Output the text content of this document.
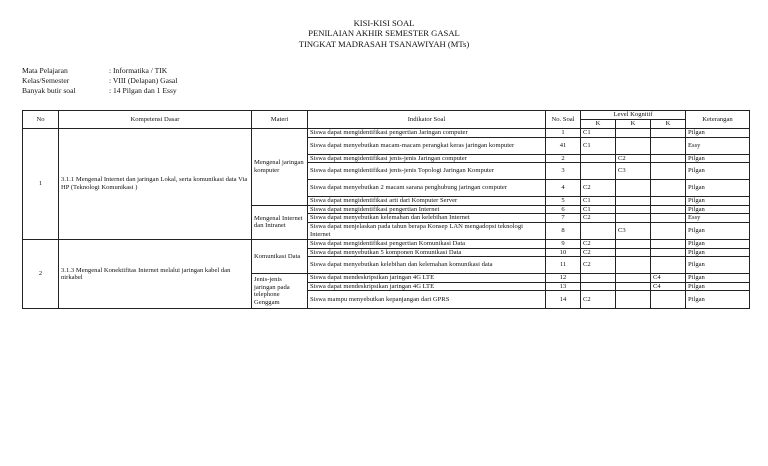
KISI-KISI SOAL
PENILAIAN AKHIR SEMESTER GASAL
TINGKAT MADRASAH TSANAWIYAH (MTs)
Mata Pelajaran	: Informatika / TIK
Kelas/Semester	: VIII (Delapan) Gasal
Banyak butir soal	: 14 Pilgan dan 1 Essy
No	Kompetensi Dasar	Materi	Indikator Soal	No. Soal	Level Kognitif			Keterangan
					K	K	K	
1	3.1.1 Mengenal Internet dan jaringan Lokal, serta komunikasi data Via HP (Teknologi Komunikasi )	Mengenal jaringan komputer	Siswa dapat mengidentifikasi pengertian Jaringan computer	1	C1			Pilgan
			Siswa dapat menyebutkan macam-macam perangkat keras jaringan komputer	41	C1			Essy
			Siswa dapat mengidentifikasi jenis-jenis Jaringan computer	2		C2		Pilgan
			Siswa dapat mengidentifikasi jenis-jenis Topologi Jaringan Komputer	3		C3		Pilgan
			Siswa dapat menyebutkan 2 macam sarana penghubung jaringan computer	4	C2			Pilgan
			Siswa dapat mengidentifikasi arti dari Komputer Server	5	C1			Pilgan
		Mengenal Internet dan Intranet	Siswa dapat mengidentifikasi pengertian Internet	6	C1			Pilgan
			Siswa dapat menyebutkan kelemahan dan kelebihan Internet	7	C2			Essy
			Siswa dapat menjelaskan pada tahun berapa Konsep LAN mengadopsi teknologi Internet	8		C3		Pilgan
2	3.1.3 Mengenal Konektifitas Internet melalui jaringan kabel dan nirkabel	Komunikasi Data	Siswa dapat mengidentifikasi pengertian Komunikasi Data	9	C2			Pilgan
			Siswa dapat menyebutkan 5 komponen Komunikasi Data	10	C2			Pilgan
			Siswa dapat menyebutkan kelebihan dan kelemahan komunikasi data	11	C2			Pilgan
		Jenis-jenis jaringan pada telephone Genggam	Siswa dapat mendeskripsikan jaringan 4G LTE	12			C4	Pilgan
			Siswa dapat mendeskripsikan jaringan 4G LTE	13			C4	Pilgan
			Siswa mampu menyebutkan kepanjangan dari GPRS	14	C2			Pilgan
